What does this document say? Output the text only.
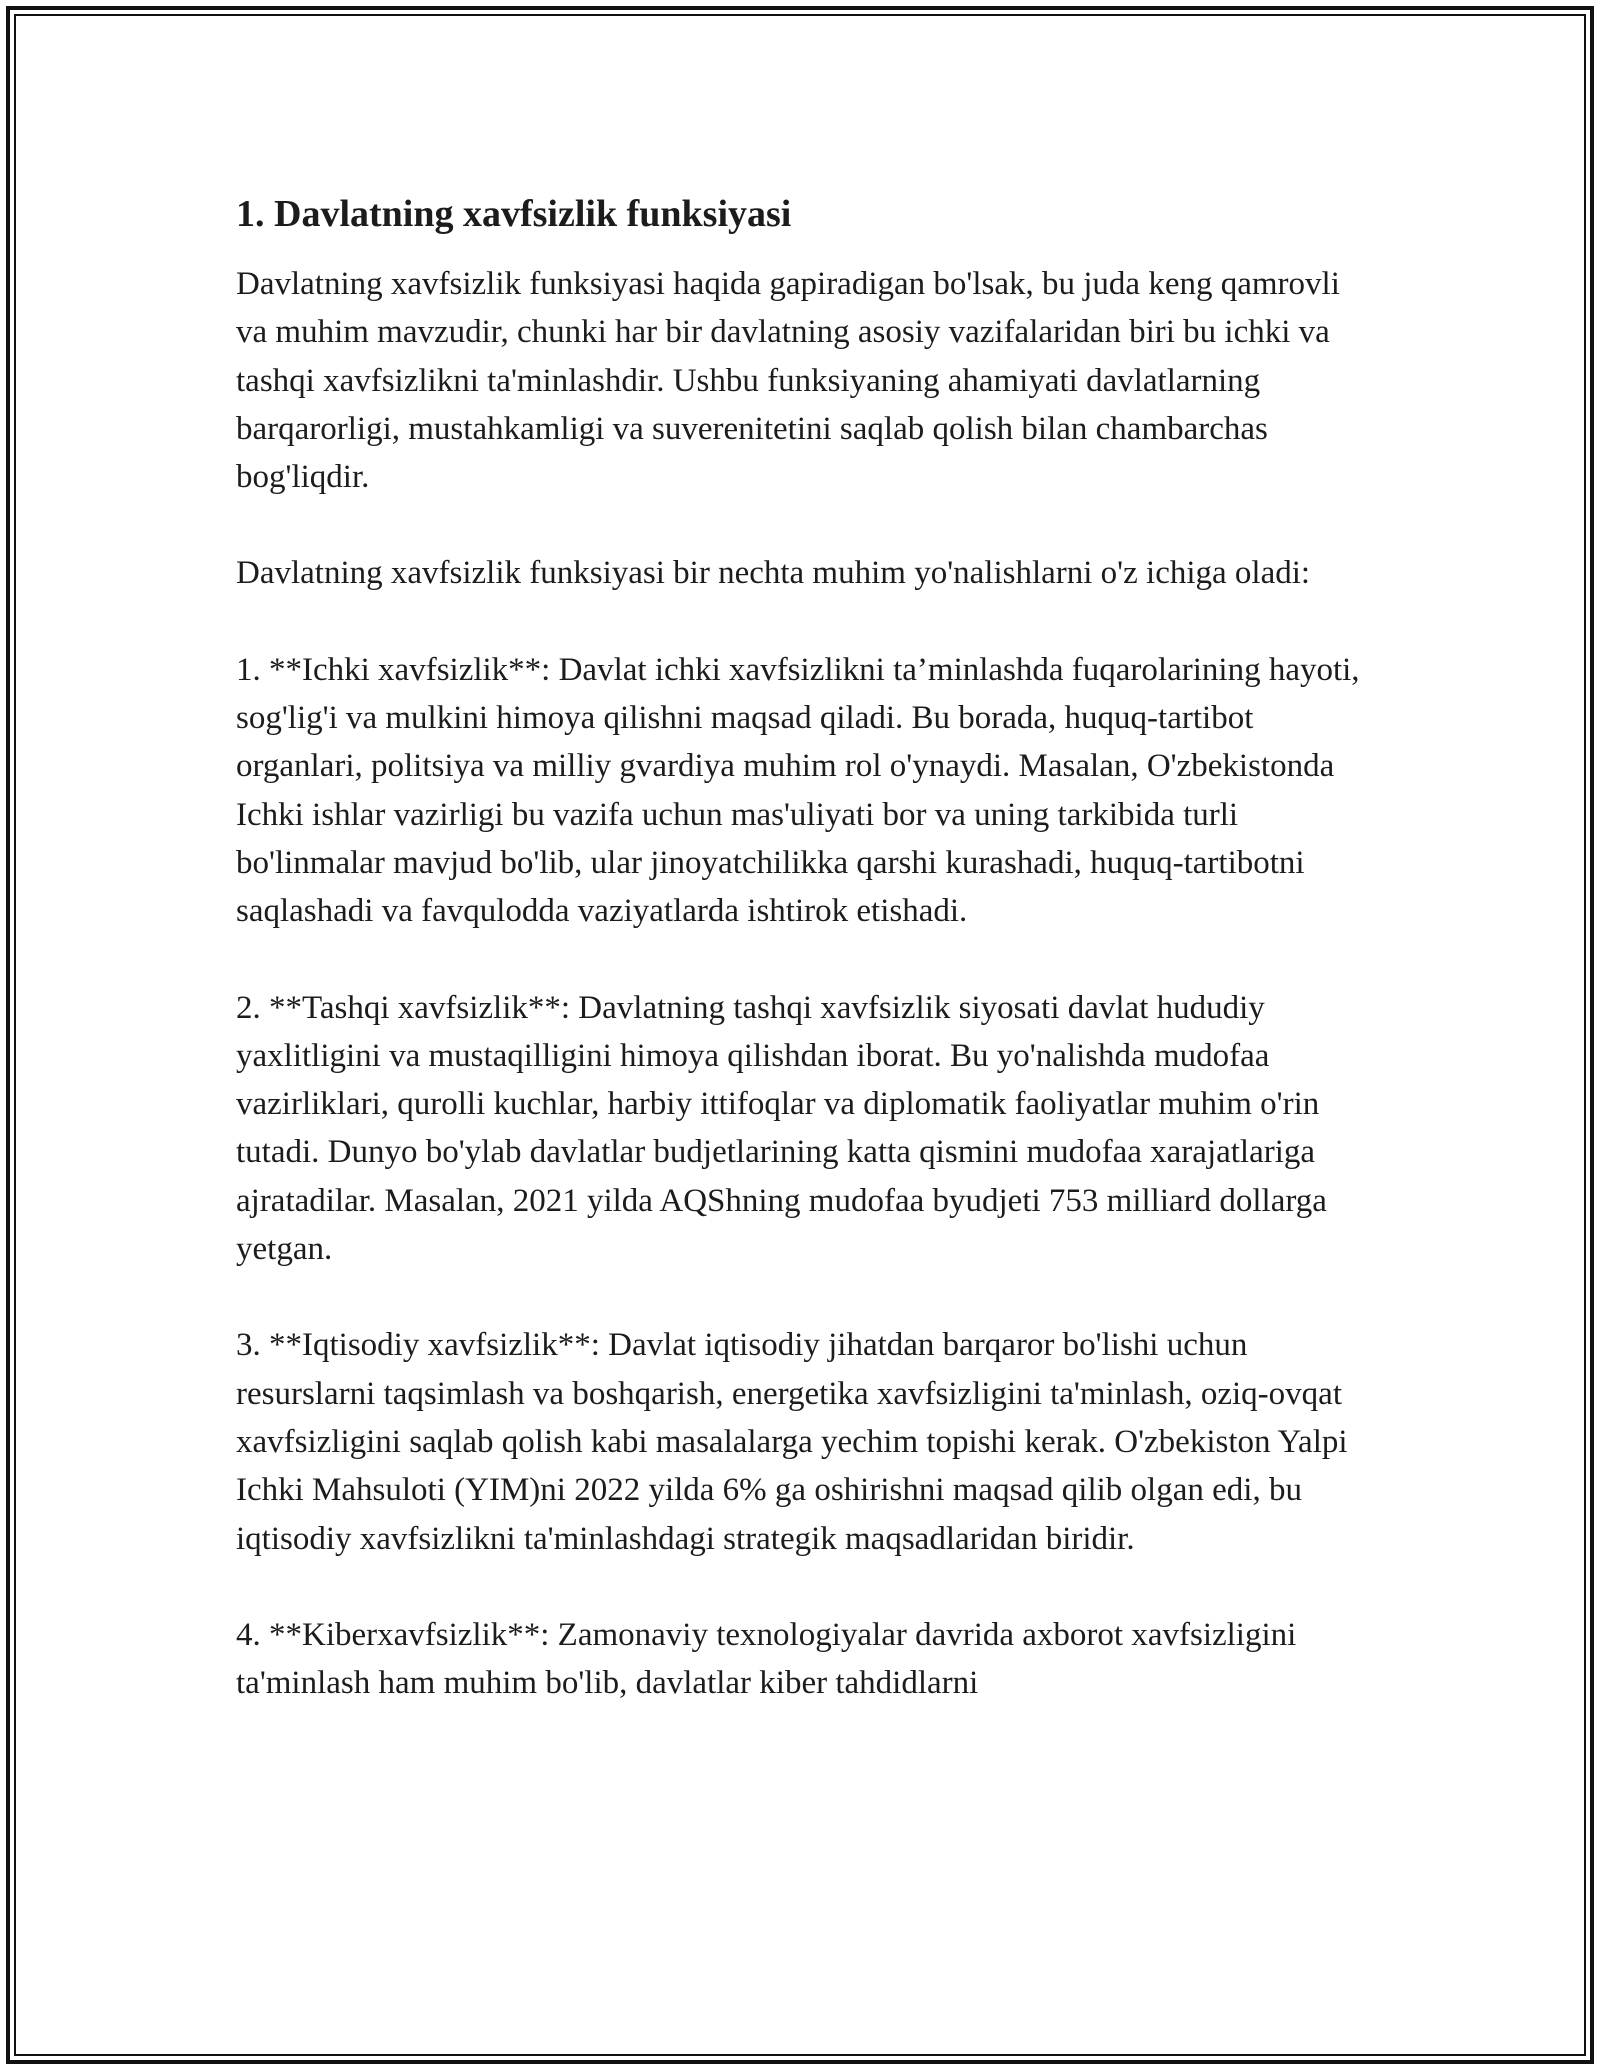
1. Davlatning xavfsizlik funksiyasi

Davlatning xavfsizlik funksiyasi haqida gapiradigan bo'lsak, bu juda keng qamrovli va muhim mavzudir, chunki har bir davlatning asosiy vazifalaridan biri bu ichki va tashqi xavfsizlikni ta'minlashdir. Ushbu funksiyaning ahamiyati davlatlarning barqarorligi, mustahkamligi va suverenitetini saqlab qolish bilan chambarchas bog'liqdir.

Davlatning xavfsizlik funksiyasi bir nechta muhim yo'nalishlarni o'z ichiga oladi:

1. **Ichki xavfsizlik**: Davlat ichki xavfsizlikni ta’minlashda fuqarolarining hayoti, sog'lig'i va mulkini himoya qilishni maqsad qiladi. Bu borada, huquq-tartibot organlari, politsiya va milliy gvardiya muhim rol o'ynaydi. Masalan, O'zbekistonda Ichki ishlar vazirligi bu vazifa uchun mas'uliyati bor va uning tarkibida turli bo'linmalar mavjud bo'lib, ular jinoyatchilikka qarshi kurashadi, huquq-tartibotni saqlashadi va favqulodda vaziyatlarda ishtirok etishadi.

2. **Tashqi xavfsizlik**: Davlatning tashqi xavfsizlik siyosati davlat hududiy yaxlitligini va mustaqilligini himoya qilishdan iborat. Bu yo'nalishda mudofaa vazirliklari, qurolli kuchlar, harbiy ittifoqlar va diplomatik faoliyatlar muhim o'rin tutadi. Dunyo bo'ylab davlatlar budjetlarining katta qismini mudofaa xarajatlariga ajratadilar. Masalan, 2021 yilda AQShning mudofaa byudjeti 753 milliard dollarga yetgan.

3. **Iqtisodiy xavfsizlik**: Davlat iqtisodiy jihatdan barqaror bo'lishi uchun resurslarni taqsimlash va boshqarish, energetika xavfsizligini ta'minlash, oziq-ovqat xavfsizligini saqlab qolish kabi masalalarga yechim topishi kerak. O'zbekiston Yalpi Ichki Mahsuloti (YIM)ni 2022 yilda 6% ga oshirishni maqsad qilib olgan edi, bu iqtisodiy xavfsizlikni ta'minlashdagi strategik maqsadlaridan biridir.

4. **Kiberxavfsizlik**: Zamonaviy texnologiyalar davrida axborot xavfsizligini ta'minlash ham muhim bo'lib, davlatlar kiber tahdidlarni
